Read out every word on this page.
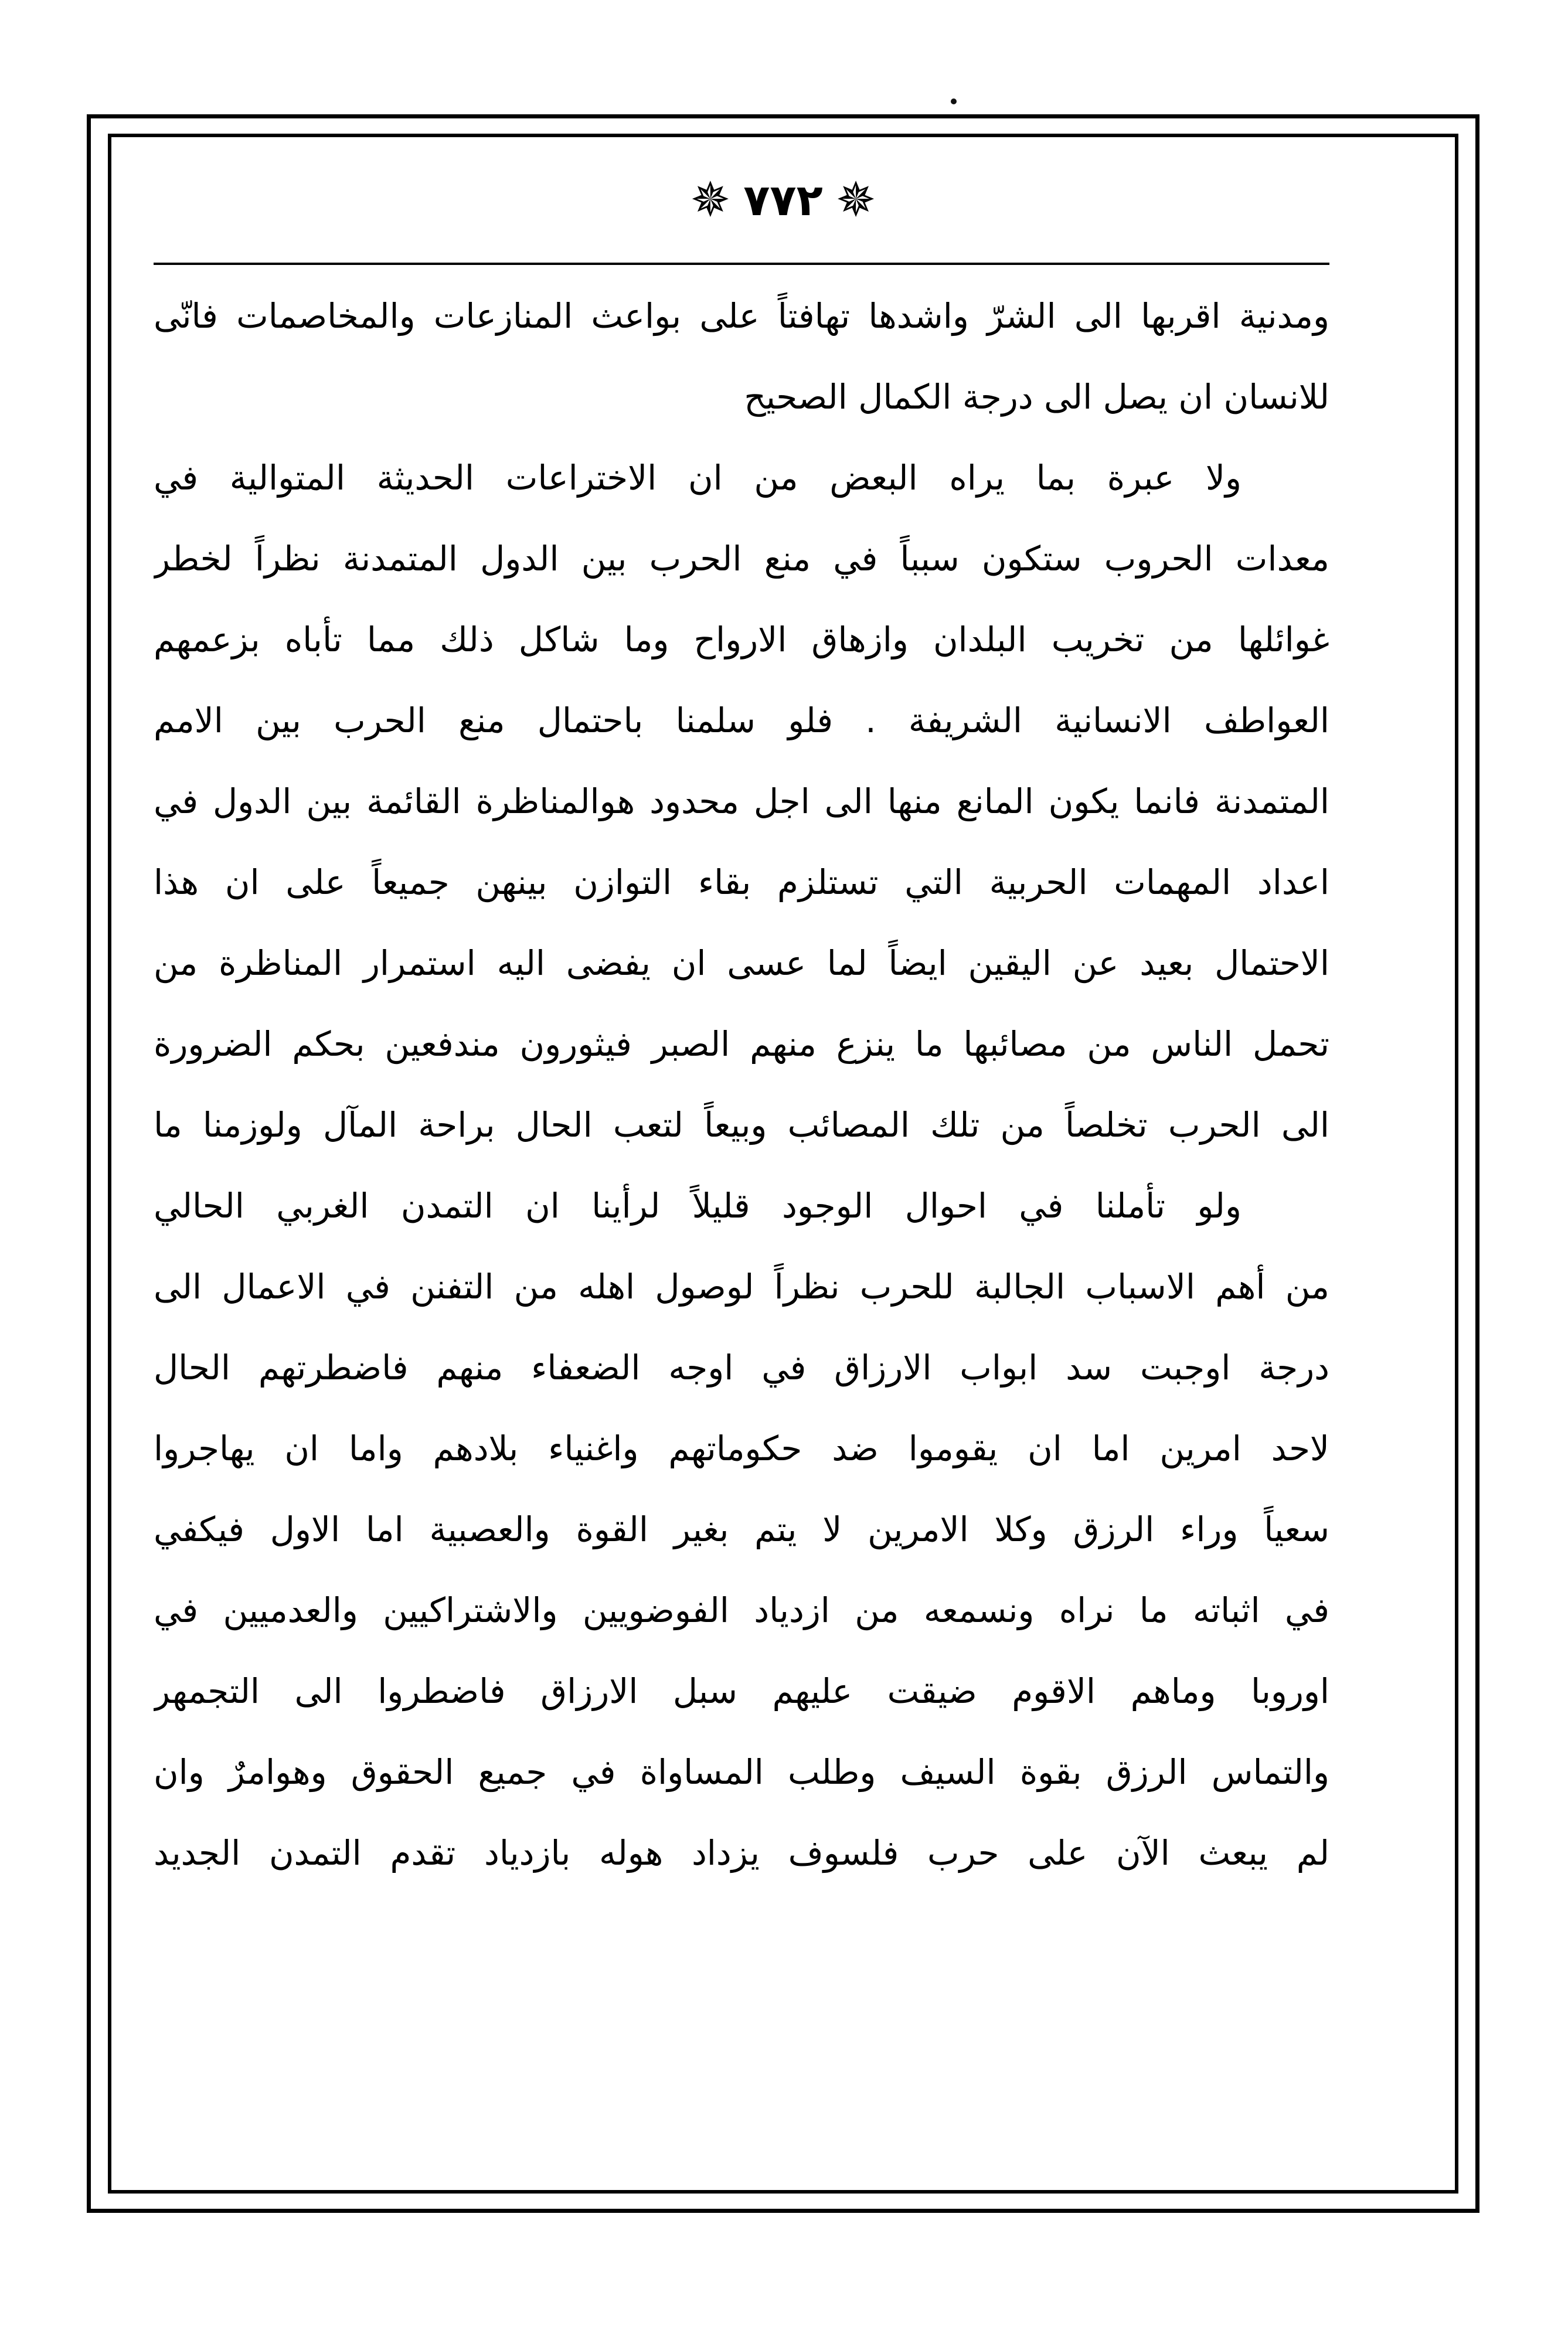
✵ ٧٧٢ ✵
ومدنية اقربها الى الشرّ واشدها تهافتاً على بواعث المنازعات والمخاصمات فانّى
للانسان ان يصل الى درجة الكمال الصحيح
ولا عبرة بما يراه البعض من ان الاختراعات الحديثة المتوالية في
معدات الحروب ستكون سبباً في منع الحرب بين الدول المتمدنة نظراً لخطر
غوائلها من تخريب البلدان وازهاق الارواح وما شاكل ذلك مما تأباه بزعمهم
العواطف الانسانية الشريفة . فلو سلمنا باحتمال منع الحرب بين الامم
المتمدنة فانما يكون المانع منها الى اجل محدود هوالمناظرة القائمة بين الدول في
اعداد المهمات الحربية التي تستلزم بقاء التوازن بينهن جميعاً على ان هذا
الاحتمال بعيد عن اليقين ايضاً لما عسى ان يفضى اليه استمرار المناظرة من
تحمل الناس من مصائبها ما ينزع منهم الصبر فيثورون مندفعين بحكم الضرورة
الى الحرب تخلصاً من تلك المصائب وبيعاً لتعب الحال براحة المآل ولوزمنا ما
ولو تأملنا في احوال الوجود قليلاً لرأينا ان التمدن الغربي الحالي
من أهم الاسباب الجالبة للحرب نظراً لوصول اهله من التفنن في الاعمال الى
درجة اوجبت سد ابواب الارزاق في اوجه الضعفاء منهم فاضطرتهم الحال
لاحد امرين اما ان يقوموا ضد حكوماتهم واغنياء بلادهم واما ان يهاجروا
سعياً وراء الرزق وكلا الامرين لا يتم بغير القوة والعصبية اما الاول فيكفي
في اثباته ما نراه ونسمعه من ازدياد الفوضويين والاشتراكيين والعدميين في
اوروبا وماهم الاقوم ضيقت عليهم سبل الارزاق فاضطروا الى التجمهر
والتماس الرزق بقوة السيف وطلب المساواة في جميع الحقوق وهوامرٌ وان
لم يبعث الآن على حرب فلسوف يزداد هوله بازدياد تقدم التمدن الجديد
